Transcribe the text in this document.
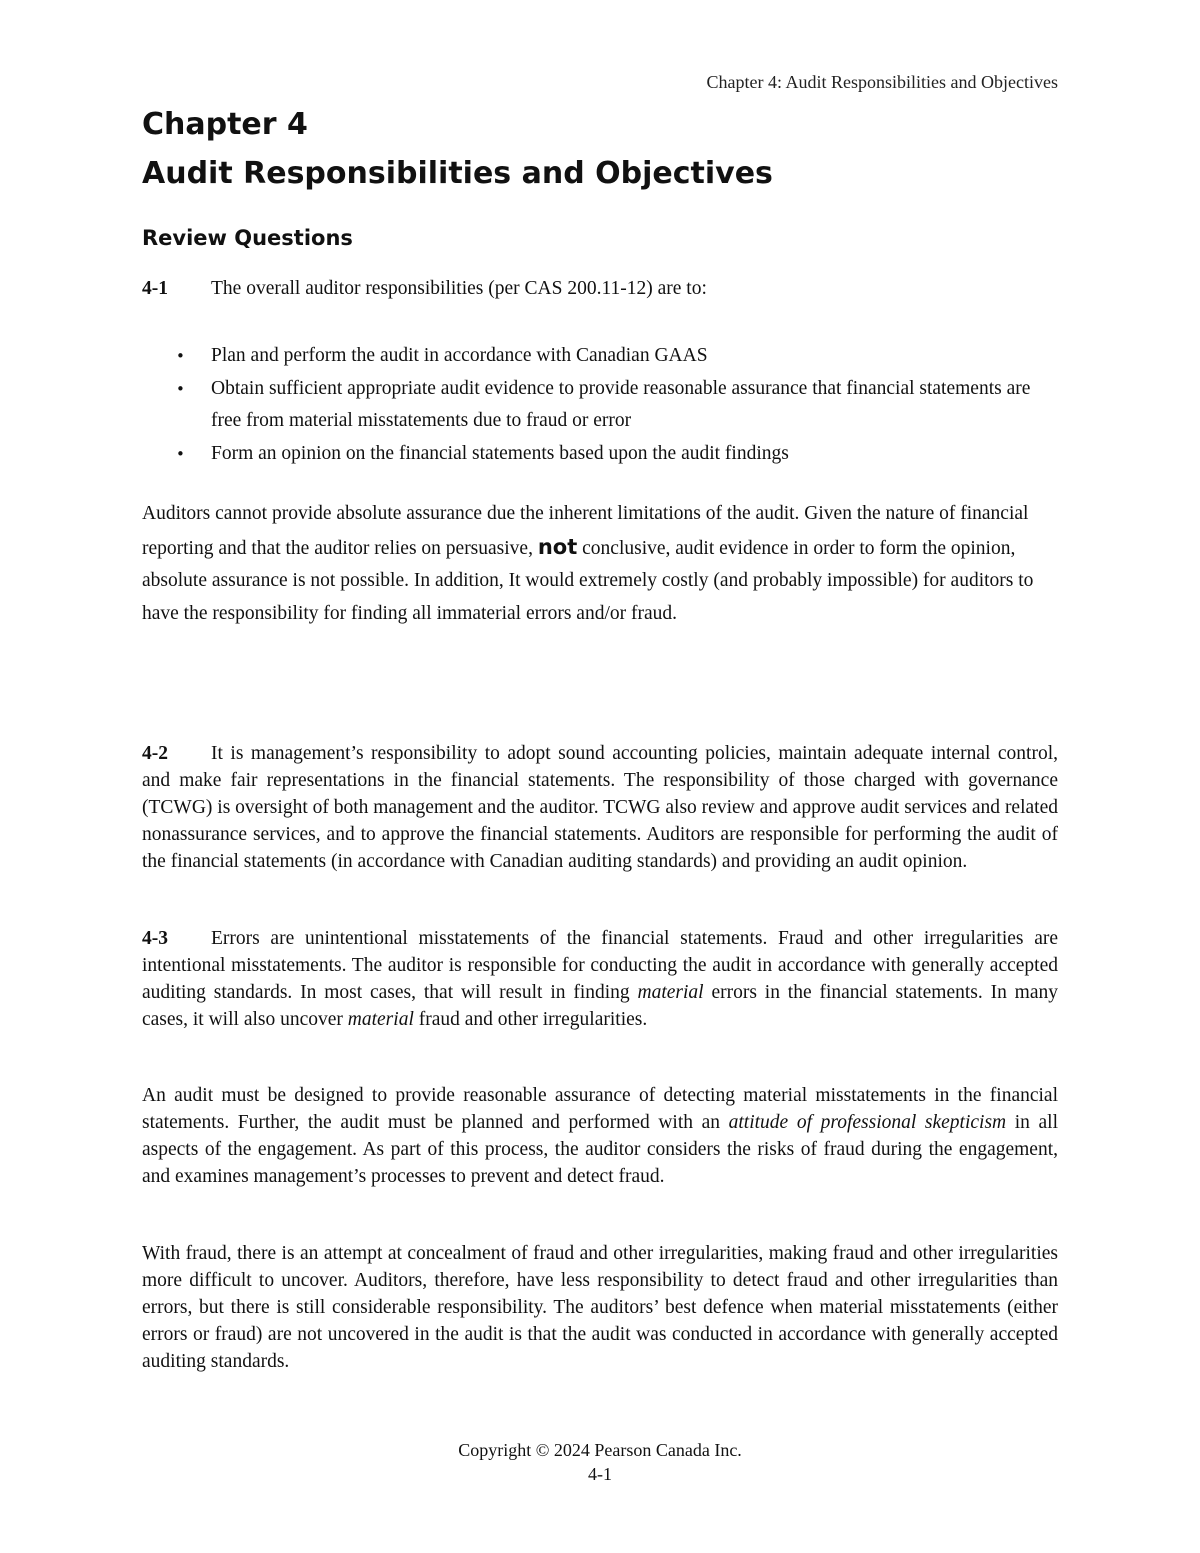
Chapter 4: Audit Responsibilities and Objectives
Chapter 4
Audit Responsibilities and Objectives
Review Questions
4-1 The overall auditor responsibilities (per CAS 200.11-12) are to:
• Plan and perform the audit in accordance with Canadian GAAS
• Obtain sufficient appropriate audit evidence to provide reasonable assurance that financial statements are free from material misstatements due to fraud or error
• Form an opinion on the financial statements based upon the audit findings

Auditors cannot provide absolute assurance due the inherent limitations of the audit. Given the nature of financial reporting and that the auditor relies on persuasive, not conclusive, audit evidence in order to form the opinion, absolute assurance is not possible. In addition, It would extremely costly (and probably impossible) for auditors to have the responsibility for finding all immaterial errors and/or fraud.

4-2 It is management’s responsibility to adopt sound accounting policies, maintain adequate internal control, and make fair representations in the financial statements. The responsibility of those charged with governance (TCWG) is oversight of both management and the auditor. TCWG also review and approve audit services and related nonassurance services, and to approve the financial statements. Auditors are responsible for performing the audit of the financial statements (in accordance with Canadian auditing standards) and providing an audit opinion.

4-3 Errors are unintentional misstatements of the financial statements. Fraud and other irregularities are intentional misstatements. The auditor is responsible for conducting the audit in accordance with generally accepted auditing standards. In most cases, that will result in finding material errors in the financial statements. In many cases, it will also uncover material fraud and other irregularities.

An audit must be designed to provide reasonable assurance of detecting material misstatements in the financial statements. Further, the audit must be planned and performed with an attitude of professional skepticism in all aspects of the engagement. As part of this process, the auditor considers the risks of fraud during the engagement, and examines management’s processes to prevent and detect fraud.

With fraud, there is an attempt at concealment of fraud and other irregularities, making fraud and other irregularities more difficult to uncover. Auditors, therefore, have less responsibility to detect fraud and other irregularities than errors, but there is still considerable responsibility. The auditors’ best defence when material misstatements (either errors or fraud) are not uncovered in the audit is that the audit was conducted in accordance with generally accepted auditing standards.

Copyright © 2024 Pearson Canada Inc.
4-1
